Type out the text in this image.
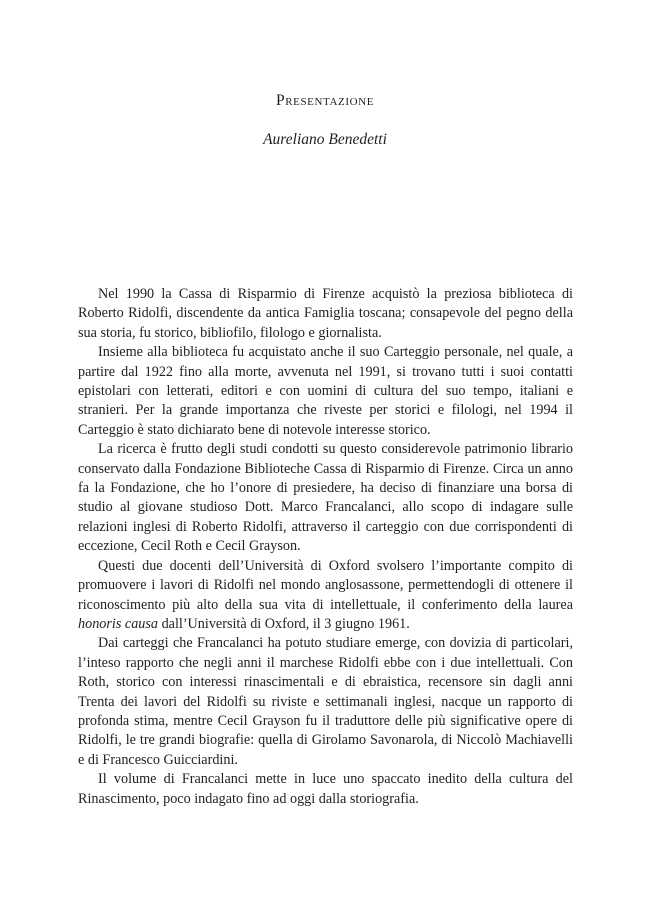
Presentazione
Aureliano Benedetti

Nel 1990 la Cassa di Risparmio di Firenze acquistò la preziosa biblioteca di Roberto Ridolfi, discendente da antica Famiglia toscana; consapevole del pegno della sua storia, fu storico, bibliofilo, filologo e giornalista.

Insieme alla biblioteca fu acquistato anche il suo Carteggio personale, nel quale, a partire dal 1922 fino alla morte, avvenuta nel 1991, si trovano tutti i suoi contatti epistolari con letterati, editori e con uomini di cultura del suo tempo, italiani e stranieri. Per la grande importanza che riveste per storici e filologi, nel 1994 il Carteggio è stato dichiarato bene di notevole interesse storico.

La ricerca è frutto degli studi condotti su questo considerevole patrimonio librario conservato dalla Fondazione Biblioteche Cassa di Risparmio di Firenze. Circa un anno fa la Fondazione, che ho l’onore di presiedere, ha deciso di finanziare una borsa di studio al giovane studioso Dott. Marco Francalanci, allo scopo di indagare sulle relazioni inglesi di Roberto Ridolfi, attraverso il carteggio con due corrispondenti di eccezione, Cecil Roth e Cecil Grayson.

Questi due docenti dell’Università di Oxford svolsero l’importante compito di promuovere i lavori di Ridolfi nel mondo anglosassone, permettendogli di ottenere il riconoscimento più alto della sua vita di intellettuale, il conferimento della laurea honoris causa dall’Università di Oxford, il 3 giugno 1961.

Dai carteggi che Francalanci ha potuto studiare emerge, con dovizia di particolari, l’inteso rapporto che negli anni il marchese Ridolfi ebbe con i due intellettuali. Con Roth, storico con interessi rinascimentali e di ebraistica, recensore sin dagli anni Trenta dei lavori del Ridolfi su riviste e settimanali inglesi, nacque un rapporto di profonda stima, mentre Cecil Grayson fu il traduttore delle più significative opere di Ridolfi, le tre grandi biografie: quella di Girolamo Savonarola, di Niccolò Machiavelli e di Francesco Guicciardini.

Il volume di Francalanci mette in luce uno spaccato inedito della cultura del Rinascimento, poco indagato fino ad oggi dalla storiografia.
